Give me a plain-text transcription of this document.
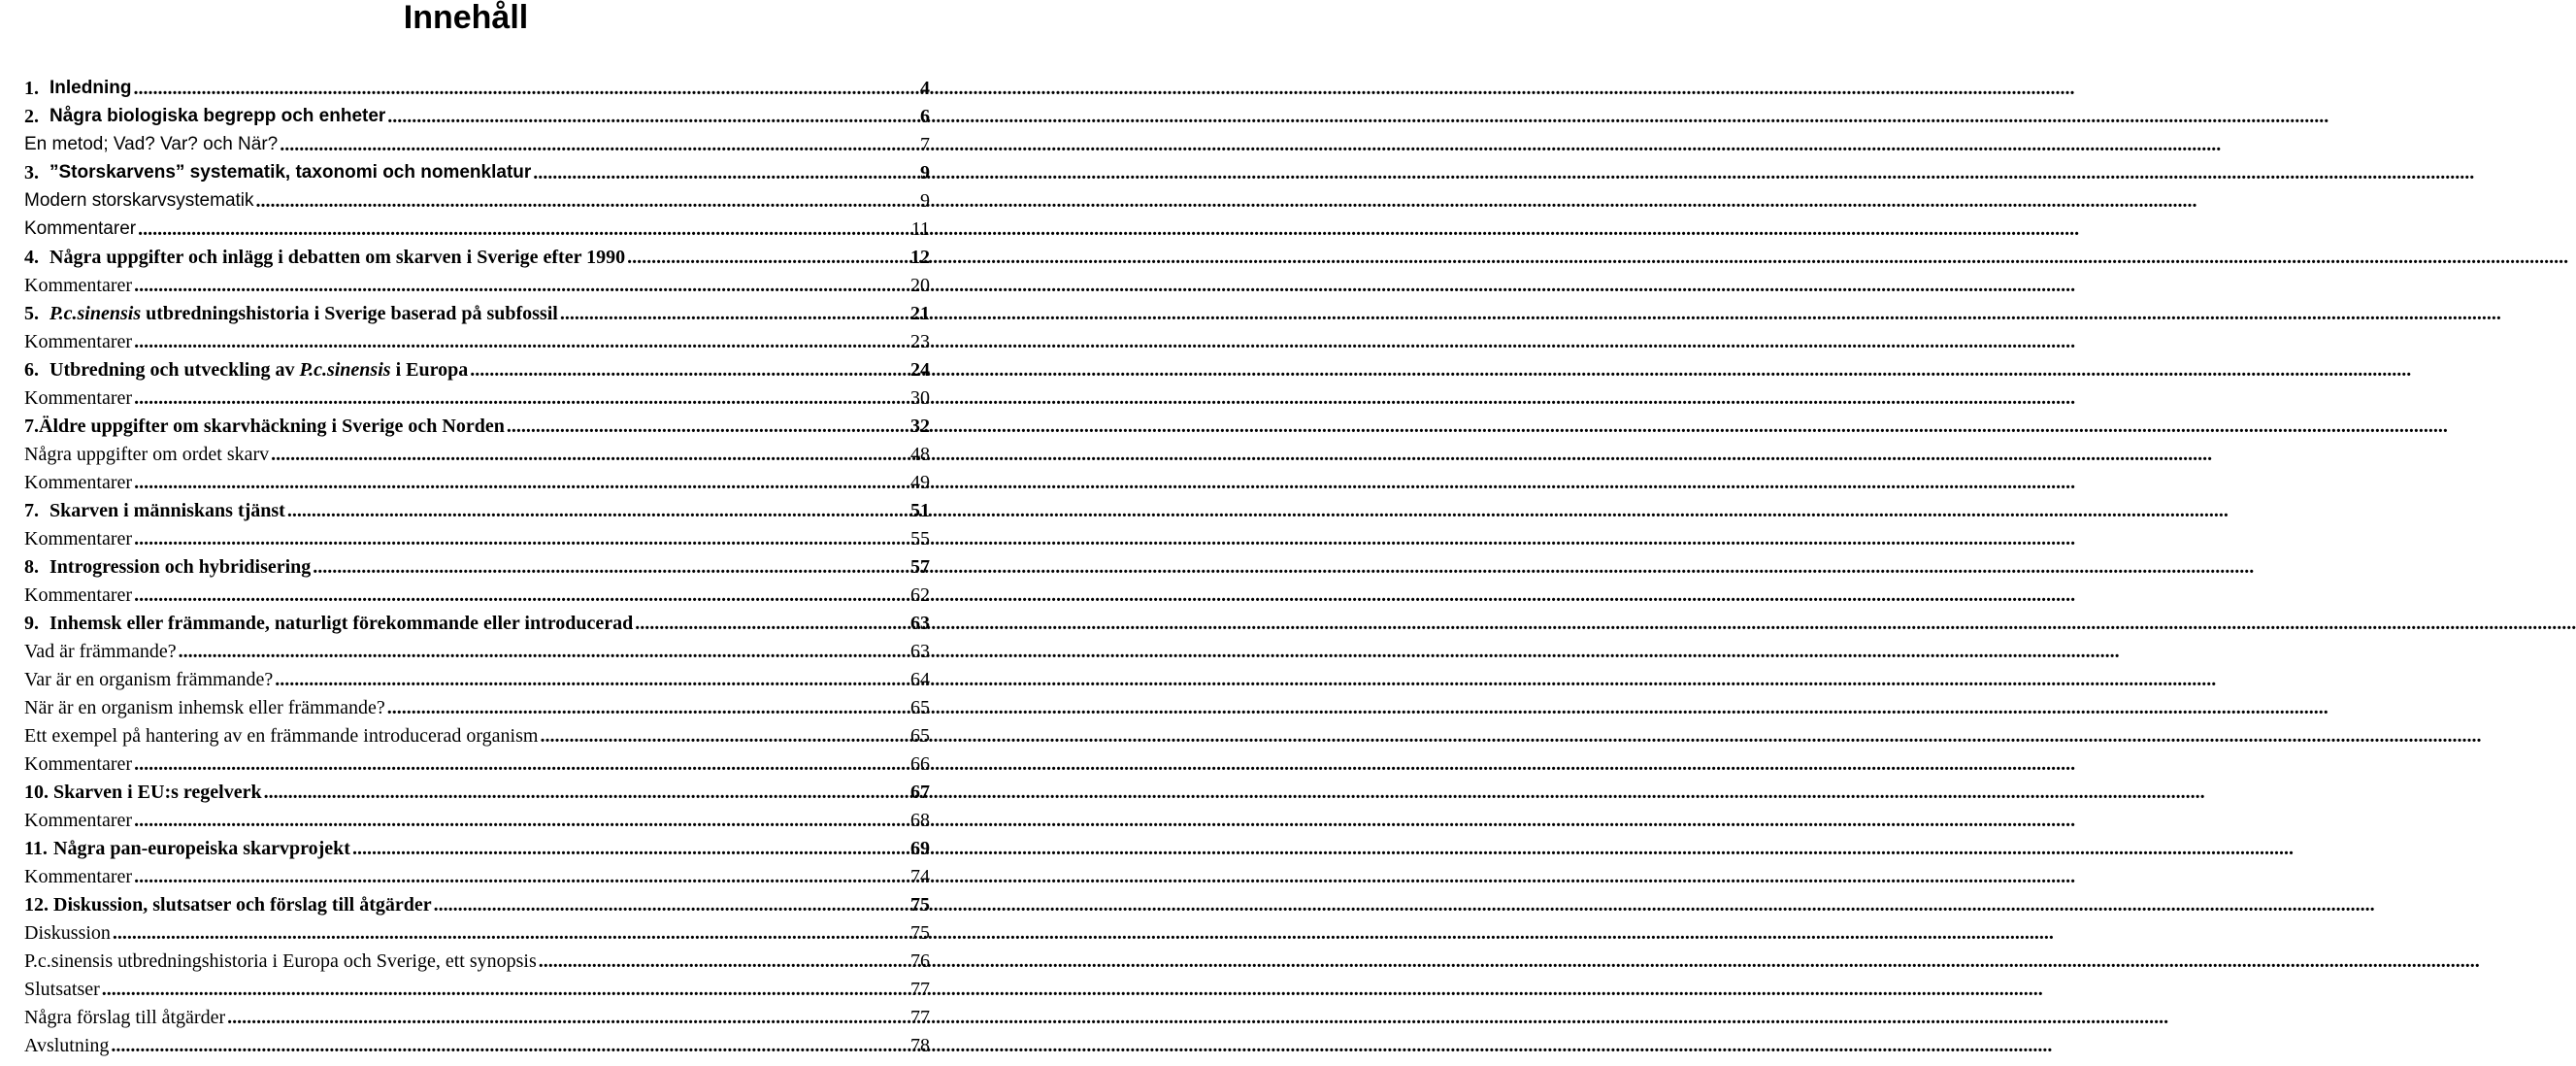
Innehåll
1. Inledning .....	4
2. Några biologiska begrepp och enheter .....	6
En metod; Vad? Var? och När? .....	7
3. ”Storskarvens” systematik, taxonomi och nomenklatur .....	9
Modern storskarvsystematik .....	9
Kommentarer .....	11
4. Några uppgifter och inlägg i debatten om skarven i Sverige efter 1990 .....	12
Kommentarer .....	20
5. P.c.sinensis utbredningshistoria i Sverige baserad på subfossil .....	21
Kommentarer .....	23
6. Utbredning och utveckling av P.c.sinensis i Europa .....	24
Kommentarer .....	30
7. Äldre uppgifter om skarvhäckning i Sverige och Norden .....	32
Några uppgifter om ordet skarv .....	48
Kommentarer .....	49
7. Skarven i människans tjänst .....	51
Kommentarer .....	55
8. Introgression och hybridisering .....	57
Kommentarer .....	62
9. Inhemsk eller främmande, naturligt förekommande eller introducerad .....	63
Vad är främmande? .....	63
Var är en organism främmande? .....	64
När är en organism inhemsk eller främmande? .....	65
Ett exempel på hantering av en främmande introducerad organism .....	65
Kommentarer .....	66
10. Skarven i EU:s regelverk .....	67
Kommentarer .....	68
11. Några pan-europeiska skarvprojekt .....	69
Kommentarer .....	74
12. Diskussion, slutsatser och förslag till åtgärder .....	75
Diskussion .....	75
P.c.sinensis utbredningshistoria i Europa och Sverige, ett synopsis .....	76
Slutsatser .....	77
Några förslag till åtgärder .....	77
Avslutning .....	78
